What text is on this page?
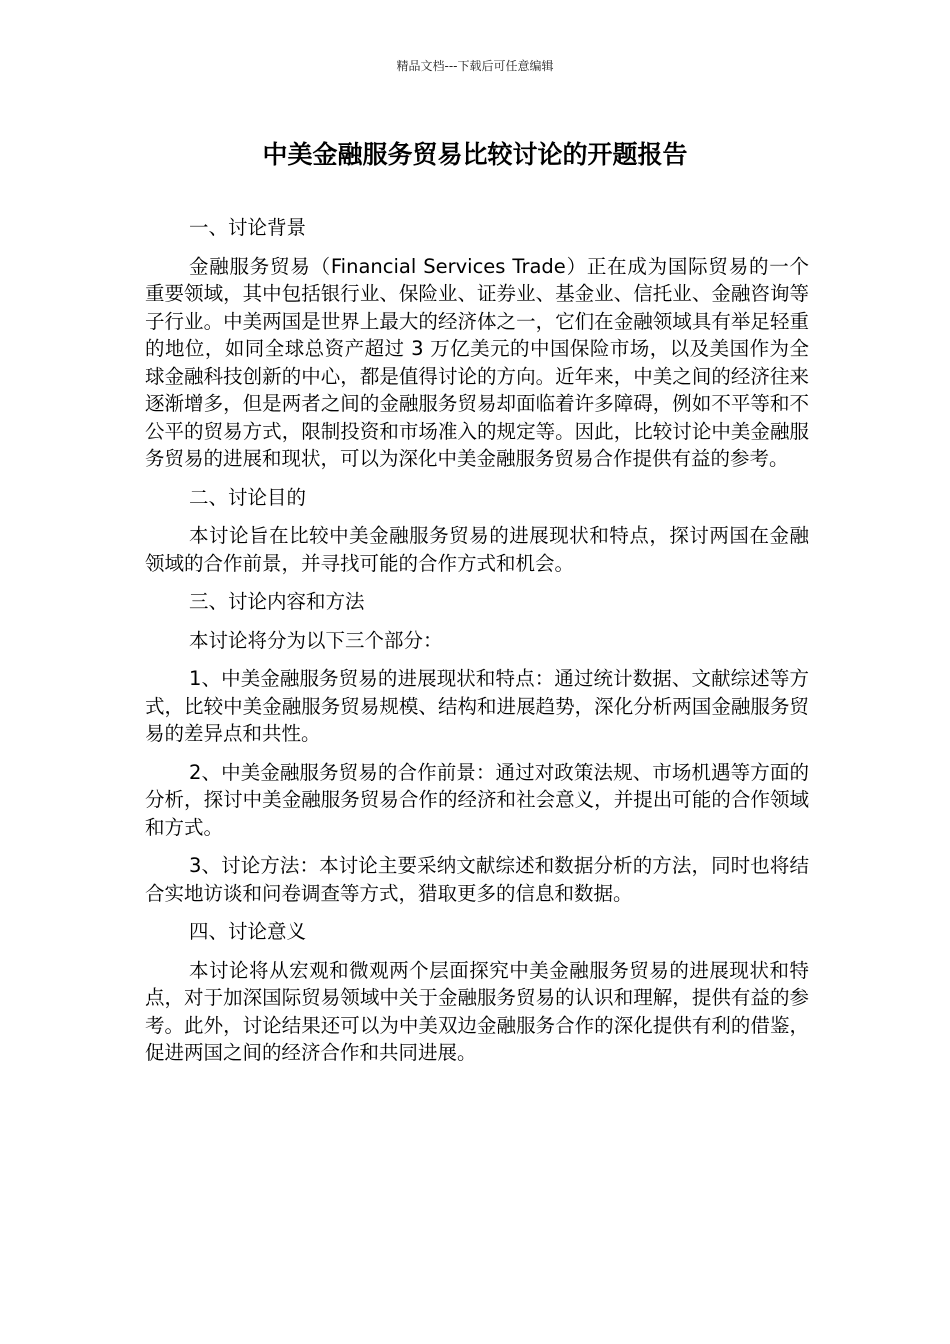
精品文档---下载后可任意编辑
中美金融服务贸易比较讨论的开题报告

一、讨论背景

金融服务贸易（Financial Services Trade）正在成为国际贸易的一个重要领域，其中包括银行业、保险业、证券业、基金业、信托业、金融咨询等子行业。中美两国是世界上最大的经济体之一，它们在金融领域具有举足轻重的地位，如同全球总资产超过 3 万亿美元的中国保险市场，以及美国作为全球金融科技创新的中心，都是值得讨论的方向。近年来，中美之间的经济往来逐渐增多，但是两者之间的金融服务贸易却面临着许多障碍，例如不平等和不公平的贸易方式，限制投资和市场准入的规定等。因此，比较讨论中美金融服务贸易的进展和现状，可以为深化中美金融服务贸易合作提供有益的参考。

二、讨论目的

本讨论旨在比较中美金融服务贸易的进展现状和特点，探讨两国在金融领域的合作前景，并寻找可能的合作方式和机会。

三、讨论内容和方法

本讨论将分为以下三个部分：

1、中美金融服务贸易的进展现状和特点：通过统计数据、文献综述等方式，比较中美金融服务贸易规模、结构和进展趋势，深化分析两国金融服务贸易的差异点和共性。

2、中美金融服务贸易的合作前景：通过对政策法规、市场机遇等方面的分析，探讨中美金融服务贸易合作的经济和社会意义，并提出可能的合作领域和方式。

3、讨论方法：本讨论主要采纳文献综述和数据分析的方法，同时也将结合实地访谈和问卷调查等方式，猎取更多的信息和数据。

四、讨论意义

本讨论将从宏观和微观两个层面探究中美金融服务贸易的进展现状和特点，对于加深国际贸易领域中关于金融服务贸易的认识和理解，提供有益的参考。此外，讨论结果还可以为中美双边金融服务合作的深化提供有利的借鉴，促进两国之间的经济合作和共同进展。
